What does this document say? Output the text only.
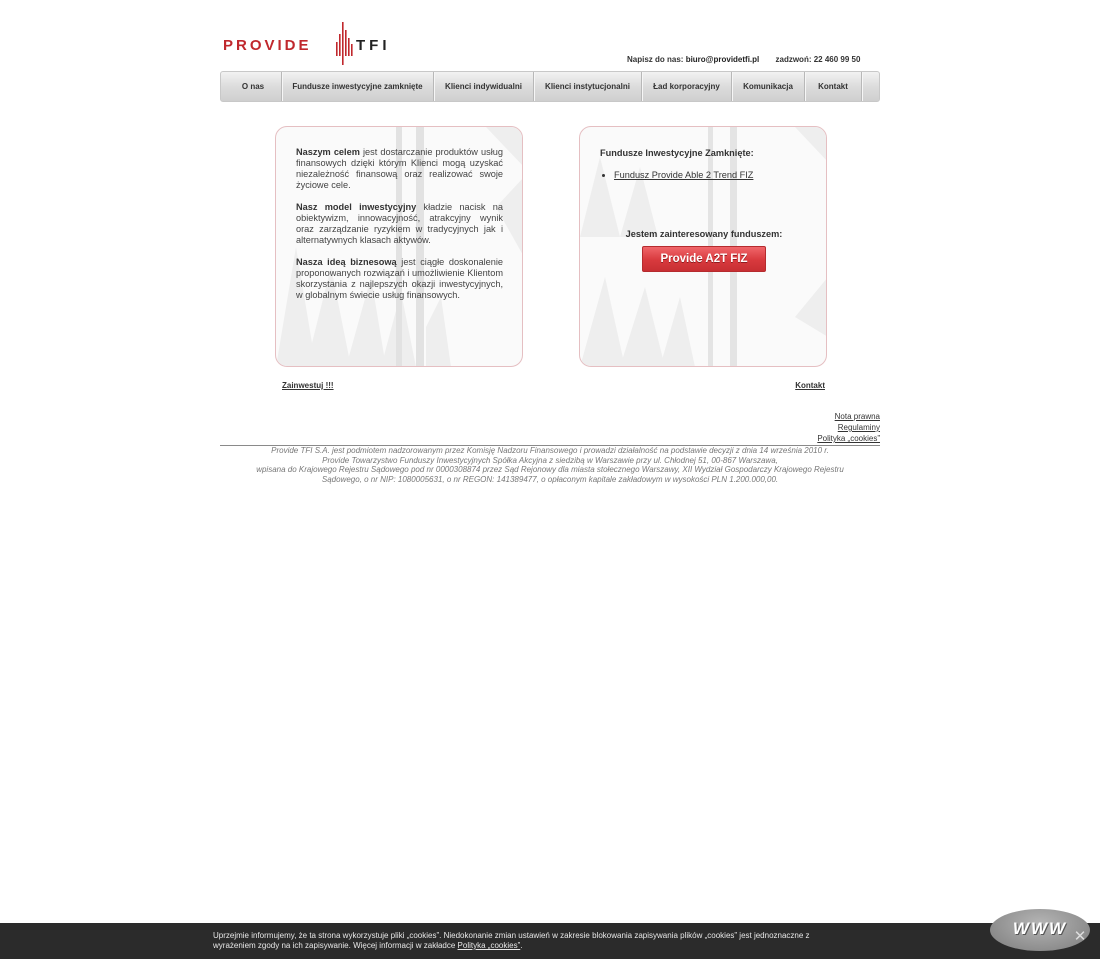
PROVIDE	TFI
Napisz do nas: biuro@providetfi.pl zadzwoń: 22 460 99 50
O nas	Fundusze inwestycyjne zamknięte	Klienci indywidualni	Klienci instytucjonalni	Ład korporacyjny	Komunikacja	Kontakt

Naszym celem jest dostarczanie produktów usług finansowych dzięki którym Klienci mogą uzyskać niezależność finansową oraz realizować swoje życiowe cele.

Nasz model inwestycyjny kładzie nacisk na obiektywizm, innowacyjność, atrakcyjny wynik oraz zarządzanie ryzykiem w tradycyjnych jak i alternatywnych klasach aktywów.

Nasza ideą biznesową jest ciągłe doskonalenie proponowanych rozwiązań i umożliwienie Klientom skorzystania z najlepszych okazji inwestycyjnych, w globalnym świecie usług finansowych.

Fundusze Inwestycyjne Zamknięte:
• Fundusz Provide Able 2 Trend FIZ
Jestem zainteresowany funduszem:
Provide A2T FIZ
Zainwestuj !!!	Kontakt
Nota prawna
Regulaminy
Polityka „cookies”
Provide TFI S.A. jest podmiotem nadzorowanym przez Komisję Nadzoru Finansowego i prowadzi działalność na podstawie decyzji z dnia 14 września 2010 r.
Provide Towarzystwo Funduszy Inwestycyjnych Spółka Akcyjna z siedzibą w Warszawie przy ul. Chłodnej 51, 00-867 Warszawa,
wpisana do Krajowego Rejestru Sądowego pod nr 0000308874 przez Sąd Rejonowy dla miasta stołecznego Warszawy, XII Wydział Gospodarczy Krajowego Rejestru
Sądowego, o nr NIP: 1080005631, o nr REGON: 141389477, o opłaconym kapitale zakładowym w wysokości PLN 1.200.000,00.
Uprzejmie informujemy, że ta strona wykorzystuje pliki „cookies”. Niedokonanie zmian ustawień w zakresie blokowania zapisywania plików „cookies” jest jednoznaczne z wyrażeniem zgody na ich zapisywanie. Więcej informacji w zakładce Polityka „cookies”.
WWW ✕
